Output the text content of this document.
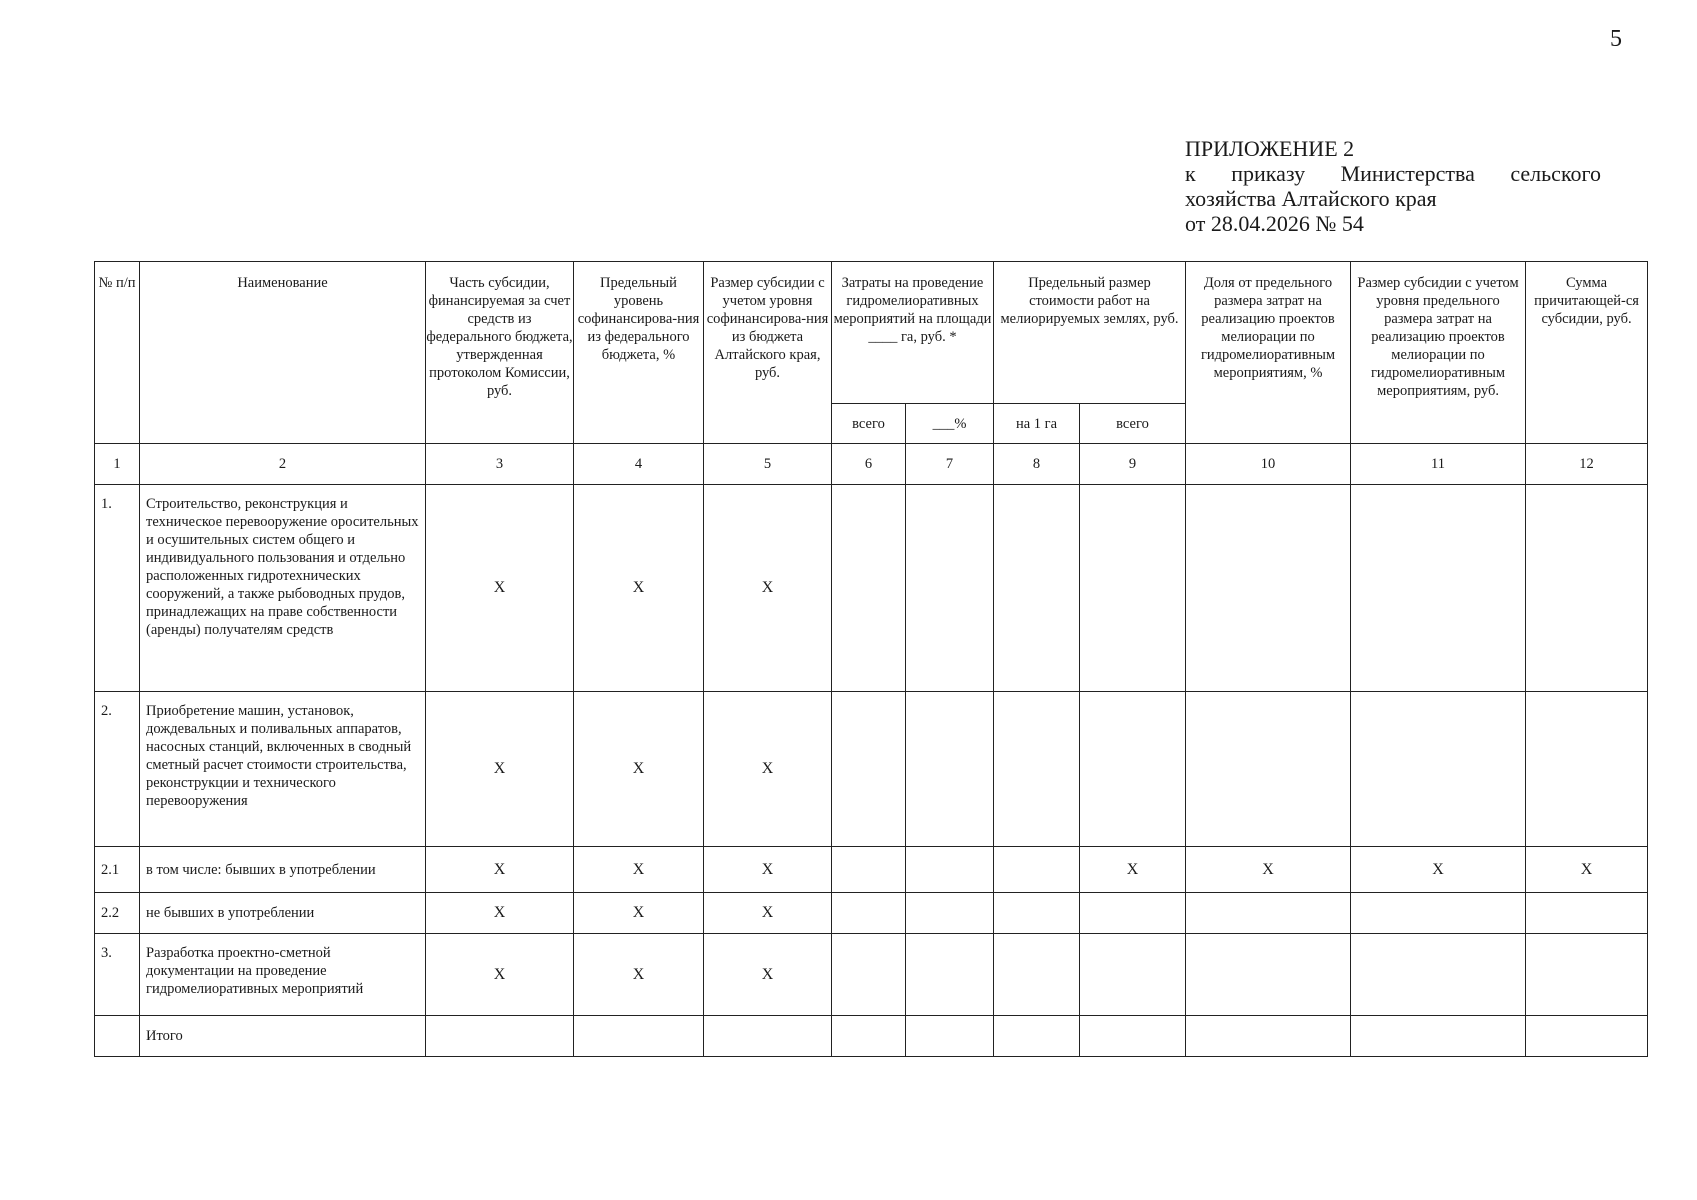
5
ПРИЛОЖЕНИЕ 2
к приказу Министерства сельского
хозяйства Алтайского края
от 28.04.2026 № 54
№ п/п	Наименование	Часть субсидии, финансируемая за счет средств из федерального бюджета, утвержденная протоколом Комиссии, руб.	Предельный уровень софинансирова-ния из федерального бюджета, %	Размер субсидии с учетом уровня софинансирова-ния из бюджета Алтайского края, руб.	Затраты на проведение гидромелиоративных мероприятий на площади ____ га, руб. *		Предельный размер стоимости работ на мелиорируемых землях, руб.		Доля от предельного размера затрат на реализацию проектов мелиорации по гидромелиоративным мероприятиям, %	Размер субсидии с учетом уровня предельного размера затрат на реализацию проектов мелиорации по гидромелиоративным мероприятиям, руб.	Сумма причитающей-ся субсидии, руб.
					всего	___%	на 1 га	всего			
1	2	3	4	5	6	7	8	9	10	11	12
1.	Строительство, реконструкция и техническое перевооружение оросительных и осушительных систем общего и индивидуального пользования и отдельно расположенных гидротехнических сооружений, а также рыбоводных прудов, принадлежащих на праве собственности (аренды) получателям средств	X	X	X							
2.	Приобретение машин, установок, дождевальных и поливальных аппаратов, насосных станций, включенных в сводный сметный расчет стоимости строительства, реконструкции и технического перевооружения	X	X	X							
2.1	в том числе: бывших в употреблении	X	X	X				X	X	X	X
2.2	не бывших в употреблении	X	X	X							
3.	Разработка проектно-сметной документации на проведение гидромелиоративных мероприятий	X	X	X							
	Итого										
